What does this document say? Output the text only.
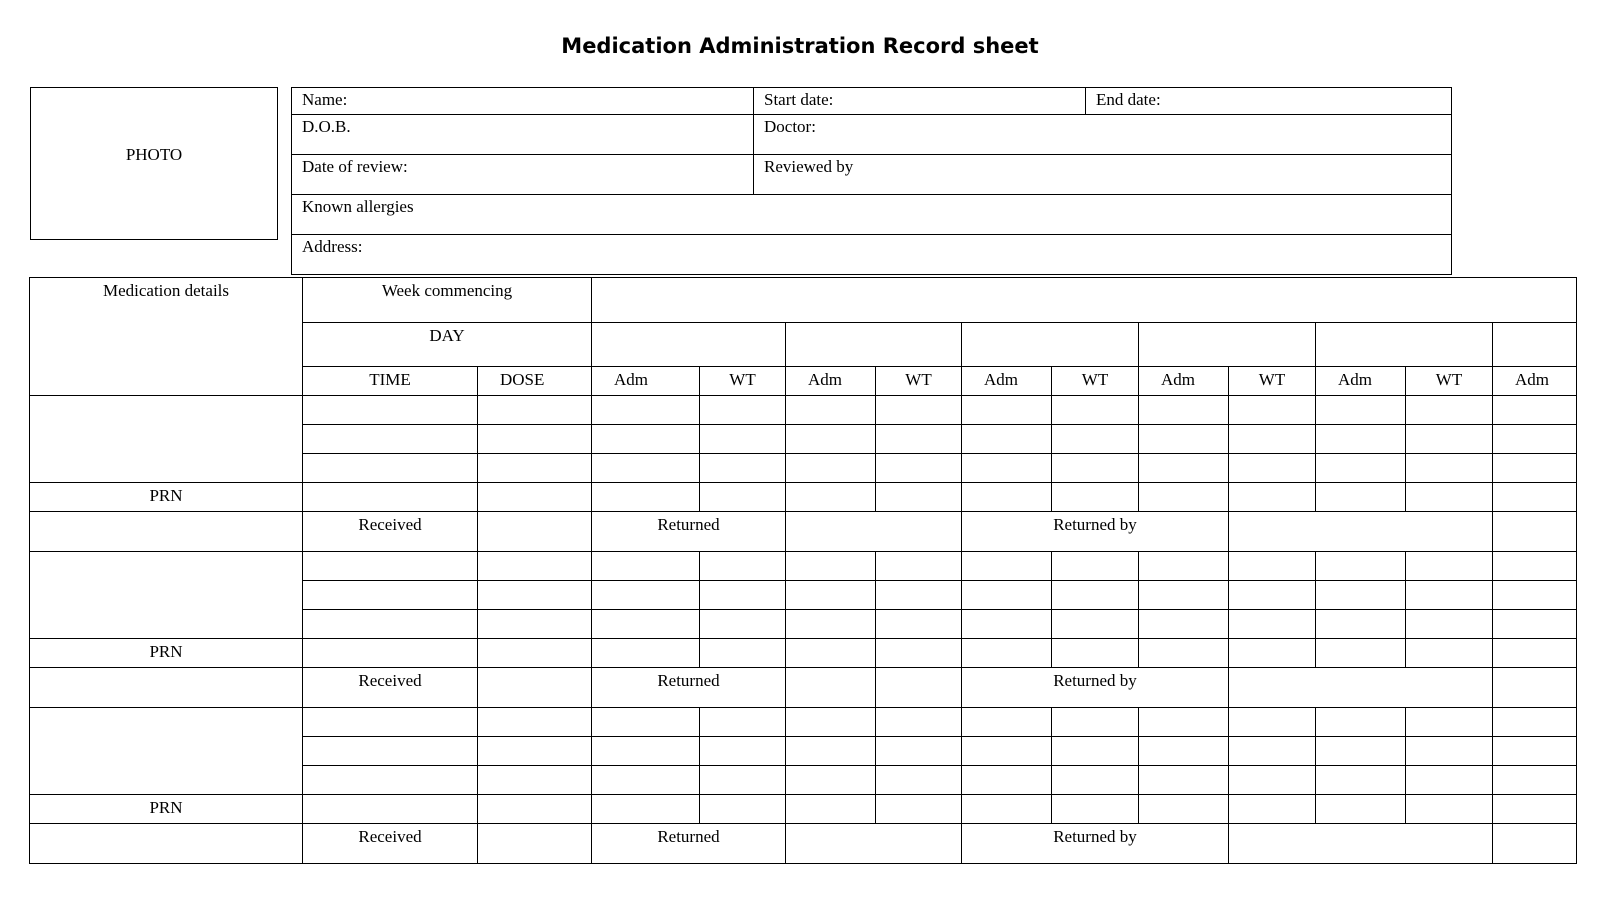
Medication Administration Record sheet
PHOTO
Name:	Start date:	End date:
D.O.B.	Doctor:	
Date of review:	Reviewed by	
Known allergies		
Address:		
Medication details	Week commencing												
	DAY												
	TIME	DOSE	Adm	WT	Adm	WT	Adm	WT	Adm	WT	Adm	WT	Adm

PRN													
	Received		Returned				Returned by						

PRN													
	Received		Returned				Returned by						

PRN													
	Received		Returned				Returned by						
